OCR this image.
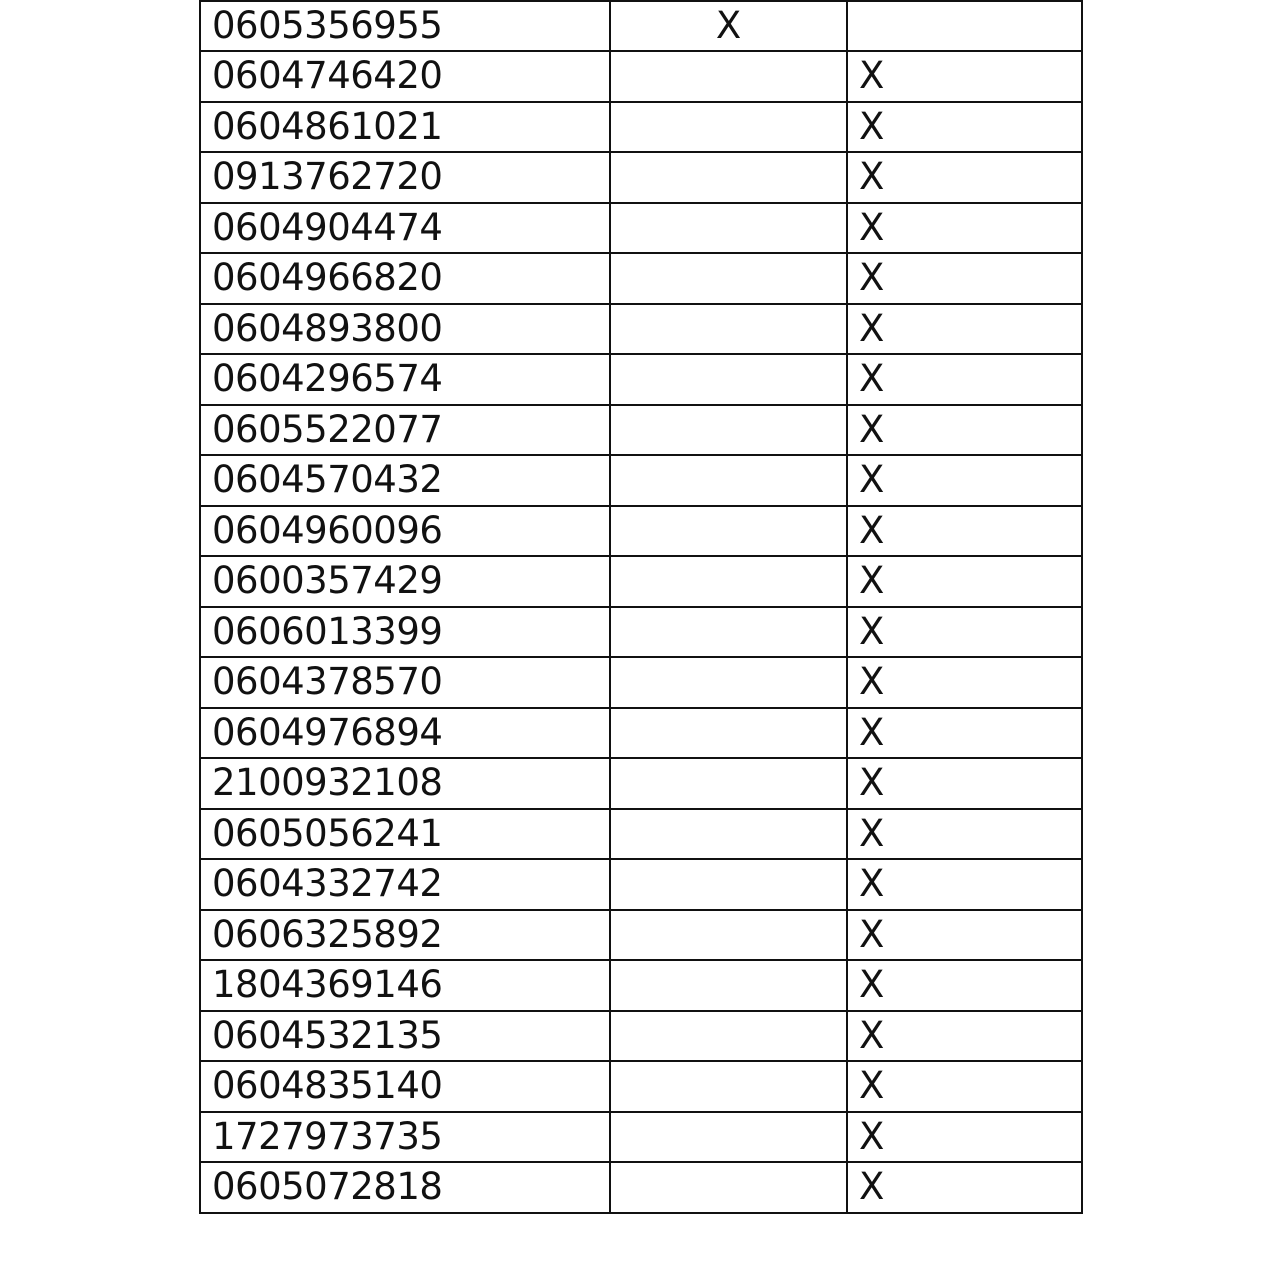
0605356955	X	
0604746420		X
0604861021		X
0913762720		X
0604904474		X
0604966820		X
0604893800		X
0604296574		X
0605522077		X
0604570432		X
0604960096		X
0600357429		X
0606013399		X
0604378570		X
0604976894		X
2100932108		X
0605056241		X
0604332742		X
0606325892		X
1804369146		X
0604532135		X
0604835140		X
1727973735		X
0605072818		X
